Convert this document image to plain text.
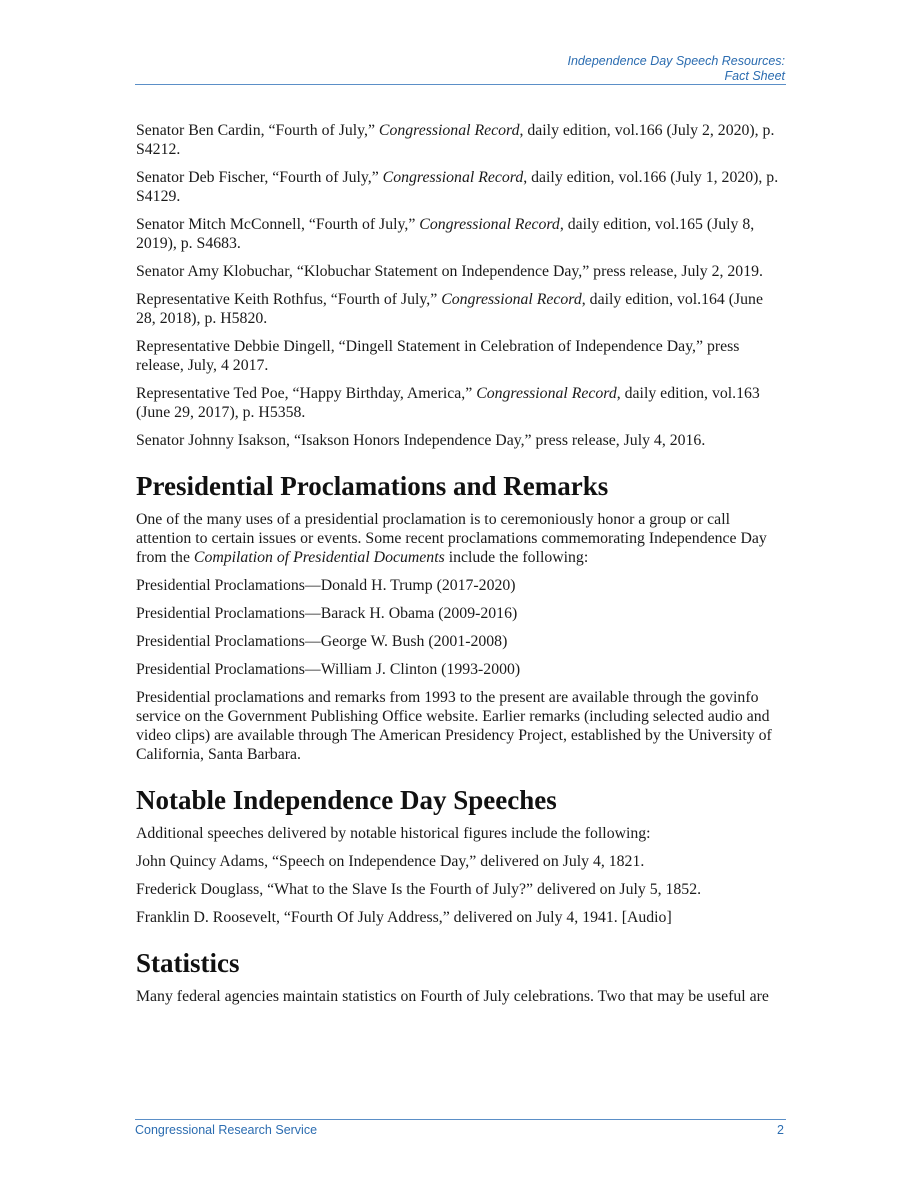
Independence Day Speech Resources:
Fact Sheet

Senator Ben Cardin, “Fourth of July,” Congressional Record, daily edition, vol.166 (July 2, 2020), p. S4212.

Senator Deb Fischer, “Fourth of July,” Congressional Record, daily edition, vol.166 (July 1, 2020), p. S4129.

Senator Mitch McConnell, “Fourth of July,” Congressional Record, daily edition, vol.165 (July 8, 2019), p. S4683.

Senator Amy Klobuchar, “Klobuchar Statement on Independence Day,” press release, July 2, 2019.

Representative Keith Rothfus, “Fourth of July,” Congressional Record, daily edition, vol.164 (June 28, 2018), p. H5820.

Representative Debbie Dingell, “Dingell Statement in Celebration of Independence Day,” press release, July, 4 2017.

Representative Ted Poe, “Happy Birthday, America,” Congressional Record, daily edition, vol.163 (June 29, 2017), p. H5358.

Senator Johnny Isakson, “Isakson Honors Independence Day,” press release, July 4, 2016.

Presidential Proclamations and Remarks

One of the many uses of a presidential proclamation is to ceremoniously honor a group or call attention to certain issues or events. Some recent proclamations commemorating Independence Day from the Compilation of Presidential Documents include the following:

Presidential Proclamations—Donald H. Trump (2017-2020)

Presidential Proclamations—Barack H. Obama (2009-2016)

Presidential Proclamations—George W. Bush (2001-2008)

Presidential Proclamations—William J. Clinton (1993-2000)

Presidential proclamations and remarks from 1993 to the present are available through the govinfo service on the Government Publishing Office website. Earlier remarks (including selected audio and video clips) are available through The American Presidency Project, established by the University of California, Santa Barbara.

Notable Independence Day Speeches

Additional speeches delivered by notable historical figures include the following:

John Quincy Adams, “Speech on Independence Day,” delivered on July 4, 1821.

Frederick Douglass, “What to the Slave Is the Fourth of July?” delivered on July 5, 1852.

Franklin D. Roosevelt, “Fourth Of July Address,” delivered on July 4, 1941. [Audio]

Statistics

Many federal agencies maintain statistics on Fourth of July celebrations. Two that may be useful are

Congressional Research Service	2
